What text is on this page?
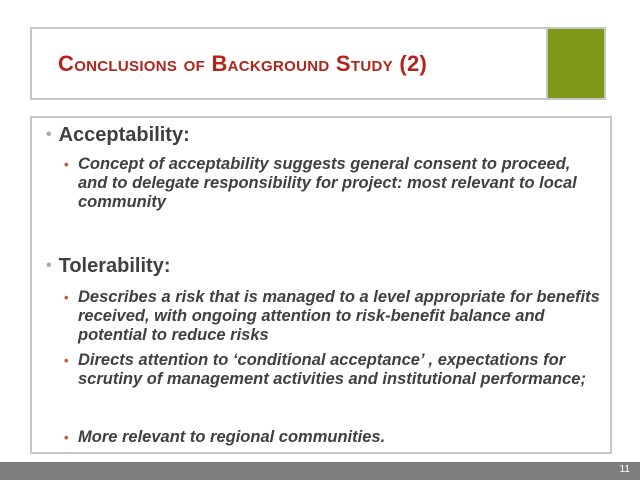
Conclusions of Background Study (2)
• Acceptability:
• Concept of acceptability suggests general consent to proceed, and to delegate responsibility for project: most relevant to local community
• Tolerability:
• Describes a risk that is managed to a level appropriate for benefits received, with ongoing attention to risk-benefit balance and potential to reduce risks
• Directs attention to ‘conditional acceptance’ , expectations for scrutiny of management activities and institutional performance;
• More relevant to regional communities.
11
